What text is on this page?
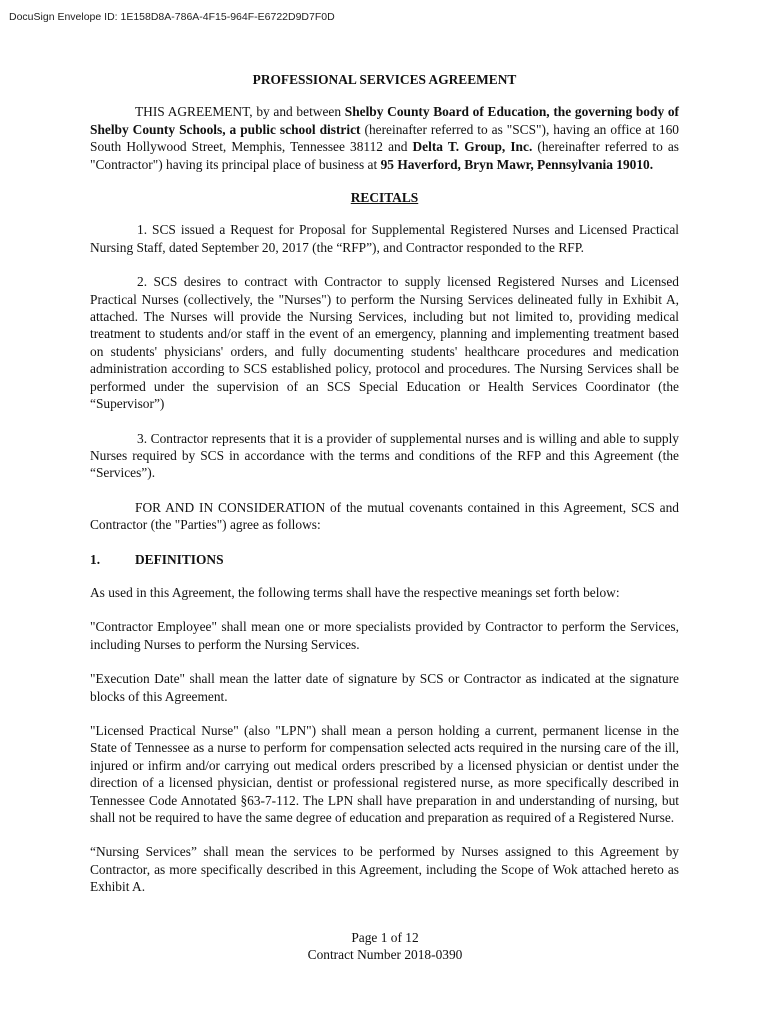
DocuSign Envelope ID: 1E158D8A-786A-4F15-964F-E6722D9D7F0D
PROFESSIONAL SERVICES AGREEMENT

THIS AGREEMENT, by and between Shelby County Board of Education, the governing body of Shelby County Schools, a public school district (hereinafter referred to as "SCS"), having an office at 160 South Hollywood Street, Memphis, Tennessee 38112 and Delta T. Group, Inc. (hereinafter referred to as "Contractor") having its principal place of business at 95 Haverford, Bryn Mawr, Pennsylvania 19010.

RECITALS

1. SCS issued a Request for Proposal for Supplemental Registered Nurses and Licensed Practical Nursing Staff, dated September 20, 2017 (the “RFP”), and Contractor responded to the RFP.

2. SCS desires to contract with Contractor to supply licensed Registered Nurses and Licensed Practical Nurses (collectively, the "Nurses") to perform the Nursing Services delineated fully in Exhibit A, attached. The Nurses will provide the Nursing Services, including but not limited to, providing medical treatment to students and/or staff in the event of an emergency, planning and implementing treatment based on students' physicians' orders, and fully documenting students' healthcare procedures and medication administration according to SCS established policy, protocol and procedures. The Nursing Services shall be performed under the supervision of an SCS Special Education or Health Services Coordinator (the “Supervisor”)

3. Contractor represents that it is a provider of supplemental nurses and is willing and able to supply Nurses required by SCS in accordance with the terms and conditions of the RFP and this Agreement (the “Services”).

FOR AND IN CONSIDERATION of the mutual covenants contained in this Agreement, SCS and Contractor (the "Parties") agree as follows:

1.	DEFINITIONS

As used in this Agreement, the following terms shall have the respective meanings set forth below:

"Contractor Employee" shall mean one or more specialists provided by Contractor to perform the Services, including Nurses to perform the Nursing Services.

"Execution Date" shall mean the latter date of signature by SCS or Contractor as indicated at the signature blocks of this Agreement.

"Licensed Practical Nurse" (also "LPN") shall mean a person holding a current, permanent license in the State of Tennessee as a nurse to perform for compensation selected acts required in the nursing care of the ill, injured or infirm and/or carrying out medical orders prescribed by a licensed physician or dentist under the direction of a licensed physician, dentist or professional registered nurse, as more specifically described in Tennessee Code Annotated §63-7-112. The LPN shall have preparation in and understanding of nursing, but shall not be required to have the same degree of education and preparation as required of a Registered Nurse.

“Nursing Services” shall mean the services to be performed by Nurses assigned to this Agreement by Contractor, as more specifically described in this Agreement, including the Scope of Wok attached hereto as Exhibit A.

Page 1 of 12
Contract Number 2018-0390
